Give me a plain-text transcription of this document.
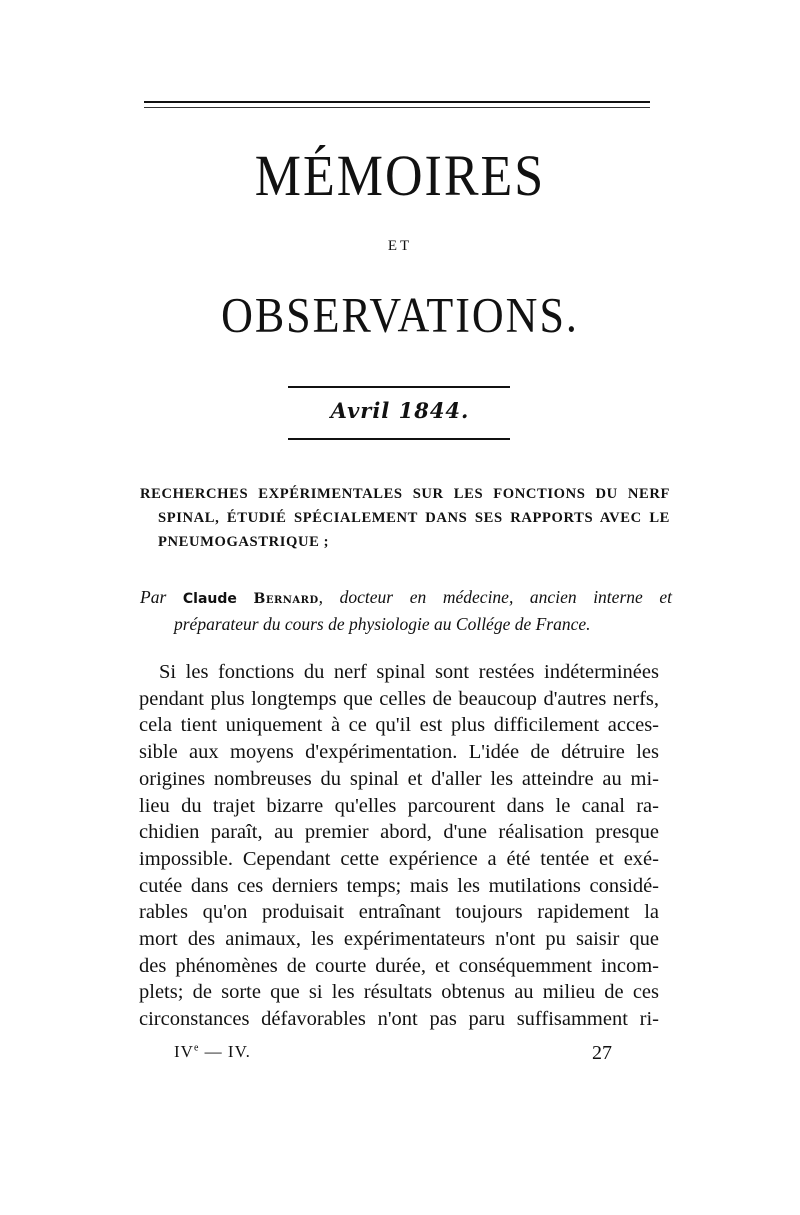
MÉMOIRES
ET
OBSERVATIONS.
Avril 1844.
RECHERCHES EXPÉRIMENTALES SUR LES FONCTIONS DU NERF
SPINAL, ÉTUDIÉ SPÉCIALEMENT DANS SES RAPPORTS AVEC LE
PNEUMOGASTRIQUE ;
Par Claude Bernard, docteur en médecine, ancien interne et
préparateur du cours de physiologie au Collége de France.
Si les fonctions du nerf spinal sont restées indéterminées
pendant plus longtemps que celles de beaucoup d'autres nerfs,
cela tient uniquement à ce qu'il est plus difficilement acces-
sible aux moyens d'expérimentation. L'idée de détruire les
origines nombreuses du spinal et d'aller les atteindre au mi-
lieu du trajet bizarre qu'elles parcourent dans le canal ra-
chidien paraît, au premier abord, d'une réalisation presque
impossible. Cependant cette expérience a été tentée et exé-
cutée dans ces derniers temps; mais les mutilations considé-
rables qu'on produisait entraînant toujours rapidement la
mort des animaux, les expérimentateurs n'ont pu saisir que
des phénomènes de courte durée, et conséquemment incom-
plets; de sorte que si les résultats obtenus au milieu de ces
circonstances défavorables n'ont pas paru suffisamment ri-
IVe — IV.	27
